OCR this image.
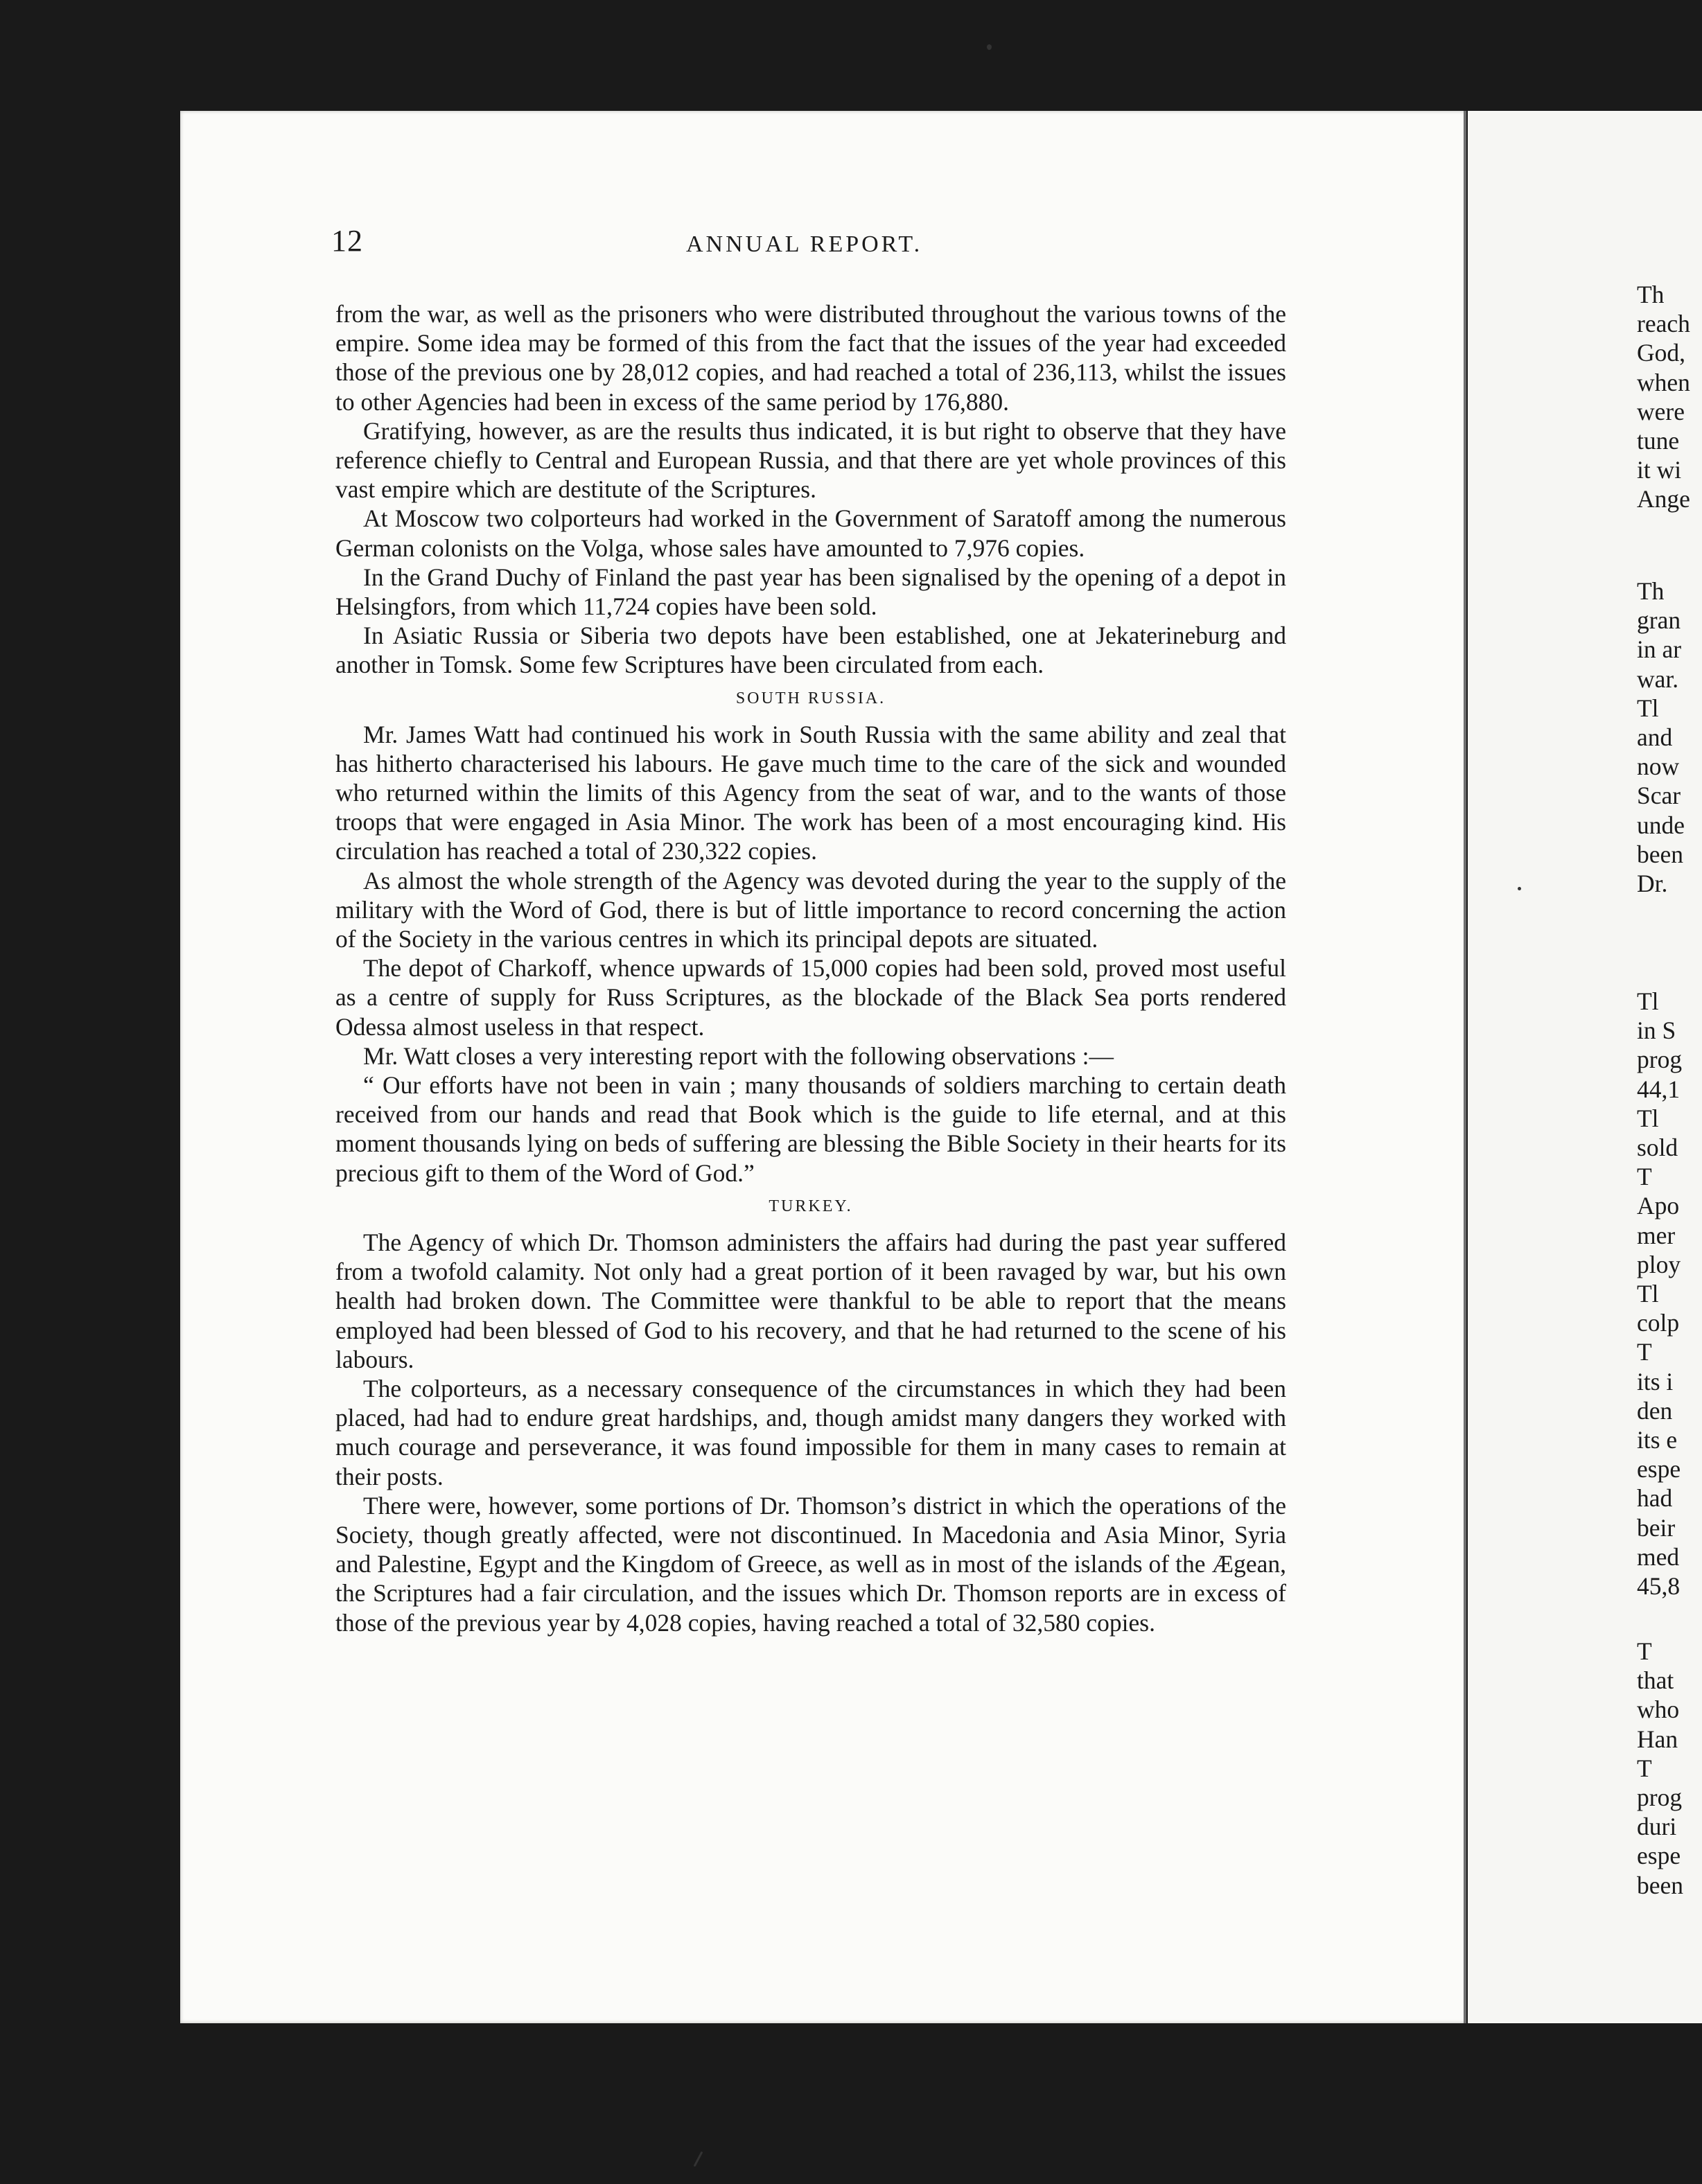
12	ANNUAL REPORT.

from the war, as well as the prisoners who were distributed throughout the various towns of the empire. Some idea may be formed of this from the fact that the issues of the year had exceeded those of the previous one by 28,012 copies, and had reached a total of 236,113, whilst the issues to other Agencies had been in excess of the same period by 176,880.

Gratifying, however, as are the results thus indicated, it is but right to observe that they have reference chiefly to Central and European Russia, and that there are yet whole provinces of this vast empire which are destitute of the Scriptures.

At Moscow two colporteurs had worked in the Government of Saratoff among the numerous German colonists on the Volga, whose sales have amounted to 7,976 copies.

In the Grand Duchy of Finland the past year has been signalised by the opening of a depot in Helsingfors, from which 11,724 copies have been sold.

In Asiatic Russia or Siberia two depots have been established, one at Jekaterineburg and another in Tomsk. Some few Scriptures have been circulated from each.

SOUTH RUSSIA.

Mr. James Watt had continued his work in South Russia with the same ability and zeal that has hitherto characterised his labours. He gave much time to the care of the sick and wounded who returned within the limits of this Agency from the seat of war, and to the wants of those troops that were engaged in Asia Minor. The work has been of a most encouraging kind. His circulation has reached a total of 230,322 copies.

As almost the whole strength of the Agency was devoted during the year to the supply of the military with the Word of God, there is but of little importance to record concerning the action of the Society in the various centres in which its principal depots are situated.

The depot of Charkoff, whence upwards of 15,000 copies had been sold, proved most useful as a centre of supply for Russ Scriptures, as the blockade of the Black Sea ports rendered Odessa almost useless in that respect.

Mr. Watt closes a very interesting report with the following observations :—

“ Our efforts have not been in vain ; many thousands of soldiers marching to certain death received from our hands and read that Book which is the guide to life eternal, and at this moment thousands lying on beds of suffering are blessing the Bible Society in their hearts for its precious gift to them of the Word of God.”

TURKEY.

The Agency of which Dr. Thomson administers the affairs had during the past year suffered from a twofold calamity. Not only had a great portion of it been ravaged by war, but his own health had broken down. The Committee were thankful to be able to report that the means employed had been blessed of God to his recovery, and that he had returned to the scene of his labours.

The colporteurs, as a necessary consequence of the circumstances in which they had been placed, had had to endure great hardships, and, though amidst many dangers they worked with much courage and perseverance, it was found impossible for them in many cases to remain at their posts.

There were, however, some portions of Dr. Thomson’s district in which the operations of the Society, though greatly affected, were not discontinued. In Macedonia and Asia Minor, Syria and Palestine, Egypt and the Kingdom of Greece, as well as in most of the islands of the Ægean, the Scriptures had a fair circulation, and the issues which Dr. Thomson reports are in excess of those of the previous year by 4,028 copies, having reached a total of 32,580 copies.

Th
reach
God,
when
were
tune
it wi
Ange
Th
gran
in ar
war.
Tl
and
now
Scar
unde
been
Dr.
Tl
in S
prog
44,1
Tl
sold
T
Apo
mer
ploy
Tl
colp
T
its i
den
its e
espe
had
beir
med
45,8
T
that
who
Han
T
prog
duri
espe
been
